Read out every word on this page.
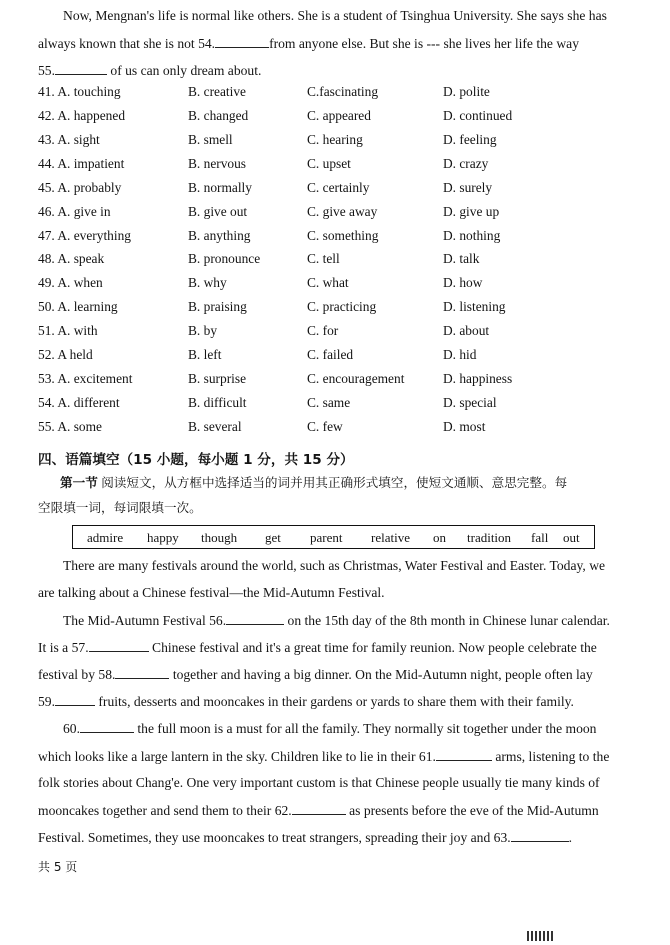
Now, Mengnan's life is normal like others. She is a student of Tsinghua University. She says she has
always known that she is not 54.	from anyone else. But she is --- she lives her life the way
55.	of us can only dream about.
41. A. touching	B. creative	C.fascinating	D. polite
42. A. happened	B. changed	C. appeared	D. continued
43. A. sight	B. smell	C. hearing	D. feeling
44. A. impatient	B. nervous	C. upset	D. crazy
45. A. probably	B. normally	C. certainly	D. surely
46. A. give in	B. give out	C. give away	D. give up
47. A. everything	B. anything	C. something	D. nothing
48. A. speak	B. pronounce	C. tell	D. talk
49. A. when	B. why	C. what	D. how
50. A. learning	B. praising	C. practicing	D. listening
51. A. with	B. by	C. for	D. about
52. A held	B. left	C. failed	D. hid
53. A. excitement	B. surprise	C. encouragement	D. happiness
54. A. different	B. difficult	C. same	D. special
55. A. some	B. several	C. few	D. most
四、语篇填空（15 小题，每小题 1 分，共 15 分）
第一节 阅读短文，从方框中选择适当的词并用其正确形式填空，使短文通顺、意思完整。每
空限填一词，每词限填一次。
admire happy though get parent relative on tradition fall out
There are many festivals around the world, such as Christmas, Water Festival and Easter. Today, we
are talking about a Chinese festival—the Mid-Autumn Festival.
The Mid-Autumn Festival 56.	on the 15th day of the 8th month in Chinese lunar calendar.
It is a 57.	Chinese festival and it's a great time for family reunion. Now people celebrate the
festival by 58.	together and having a big dinner. On the Mid-Autumn night, people often lay
59.	fruits, desserts and mooncakes in their gardens or yards to share them with their family.
60.	the full moon is a must for all the family. They normally sit together under the moon
which looks like a large lantern in the sky. Children like to lie in their 61.	arms, listening to the
folk stories about Chang'e. One very important custom is that Chinese people usually tie many kinds of
mooncakes together and send them to their 62.	as presents before the eve of the Mid-Autumn
Festival. Sometimes, they use mooncakes to treat strangers, spreading their joy and 63.	.
共 5 页
